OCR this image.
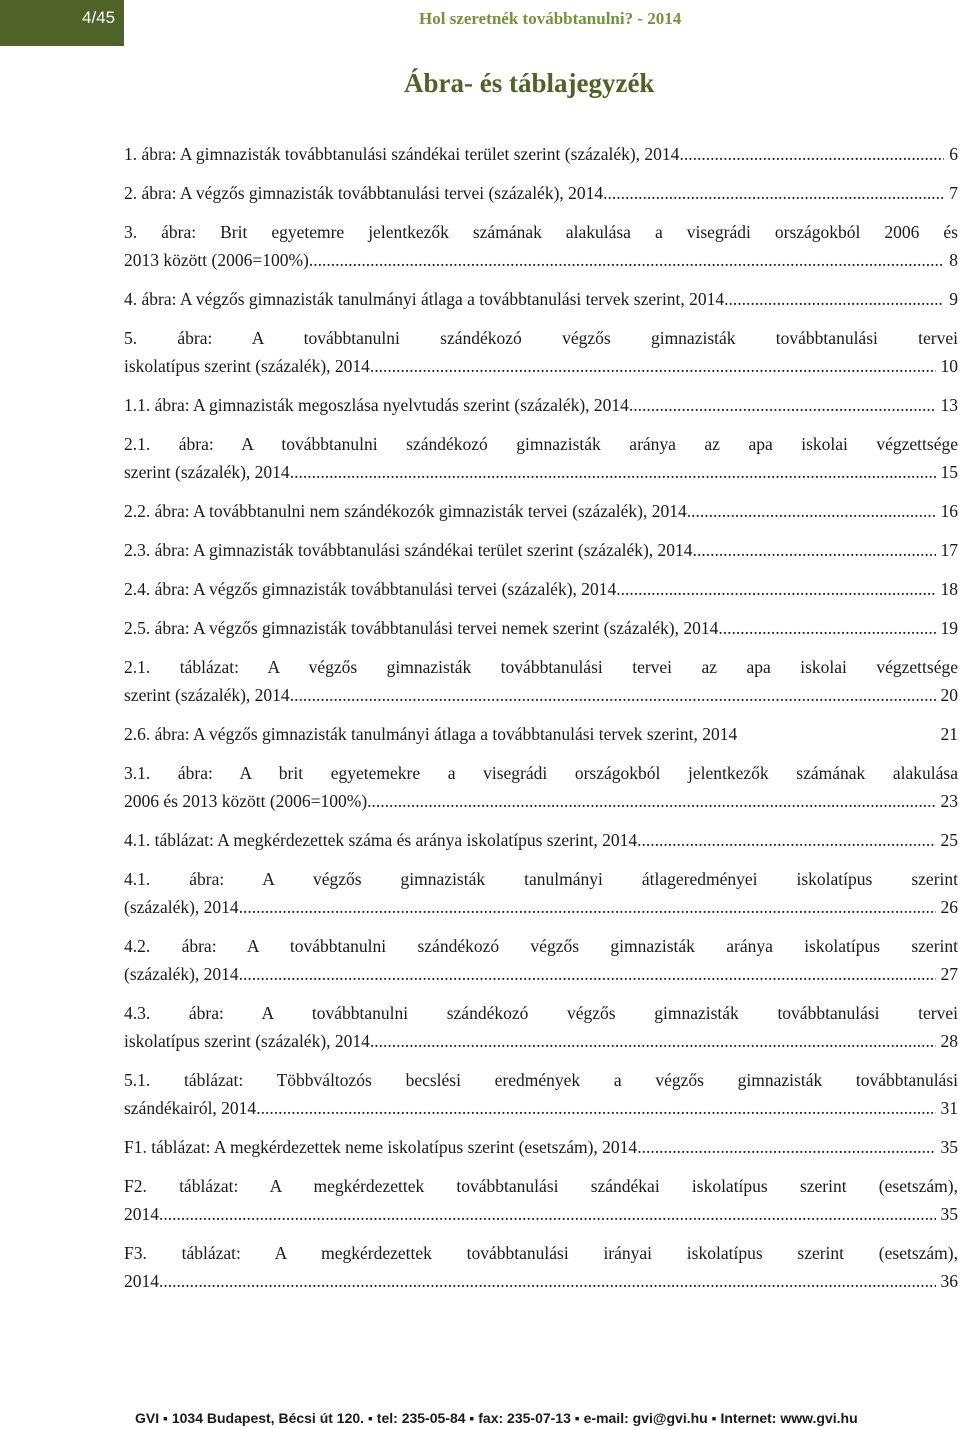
4/45	Hol szeretnék továbbtanulni? - 2014
Ábra- és táblajegyzék
1. ábra: A gimnazisták továbbtanulási szándékai terület szerint (százalék), 2014 .....	6
2. ábra: A végzős gimnazisták továbbtanulási tervei (százalék), 2014 .....	7
3. ábra: Brit egyetemre jelentkezők számának alakulása a visegrádi országokból 2006 és
2013 között (2006=100%) .....	8
4. ábra: A végzős gimnazisták tanulmányi átlaga a továbbtanulási tervek szerint, 2014 .....	9
5. ábra: A továbbtanulni szándékozó végzős gimnazisták továbbtanulási tervei
iskolatípus szerint (százalék), 2014 .....	10
1.1. ábra: A gimnazisták megoszlása nyelvtudás szerint (százalék), 2014 .....	13
2.1. ábra: A továbbtanulni szándékozó gimnazisták aránya az apa iskolai végzettsége
szerint (százalék), 2014 .....	15
2.2. ábra: A továbbtanulni nem szándékozók gimnazisták tervei (százalék), 2014 .....	16
2.3. ábra: A gimnazisták továbbtanulási szándékai terület szerint (százalék), 2014 .....	17
2.4. ábra: A végzős gimnazisták továbbtanulási tervei (százalék), 2014 .....	18
2.5. ábra: A végzős gimnazisták továbbtanulási tervei nemek szerint (százalék), 2014 .....	19
2.1. táblázat: A végzős gimnazisták továbbtanulási tervei az apa iskolai végzettsége
szerint (százalék), 2014 .....	20
2.6. ábra: A végzős gimnazisták tanulmányi átlaga a továbbtanulási tervek szerint, 2014	21
3.1. ábra: A brit egyetemekre a visegrádi országokból jelentkezők számának alakulása
2006 és 2013 között (2006=100%) .....	23
4.1. táblázat: A megkérdezettek száma és aránya iskolatípus szerint, 2014 .....	25
4.1. ábra: A végzős gimnazisták tanulmányi átlageredményei iskolatípus szerint
(százalék), 2014 .....	26
4.2. ábra: A továbbtanulni szándékozó végzős gimnazisták aránya iskolatípus szerint
(százalék), 2014 .....	27
4.3. ábra: A továbbtanulni szándékozó végzős gimnazisták továbbtanulási tervei
iskolatípus szerint (százalék), 2014 .....	28
5.1. táblázat: Többváltozós becslési eredmények a végzős gimnazisták továbbtanulási
szándékairól, 2014 .....	31
F1. táblázat: A megkérdezettek neme iskolatípus szerint (esetszám), 2014 .....	35
F2. táblázat: A megkérdezettek továbbtanulási szándékai iskolatípus szerint (esetszám),
2014 .....	35
F3. táblázat: A megkérdezettek továbbtanulási irányai iskolatípus szerint (esetszám),
2014 .....	36
GVI ▪ 1034 Budapest, Bécsi út 120. ▪ tel: 235-05-84 ▪ fax: 235-07-13 ▪ e-mail: gvi@gvi.hu ▪ Internet: www.gvi.hu
